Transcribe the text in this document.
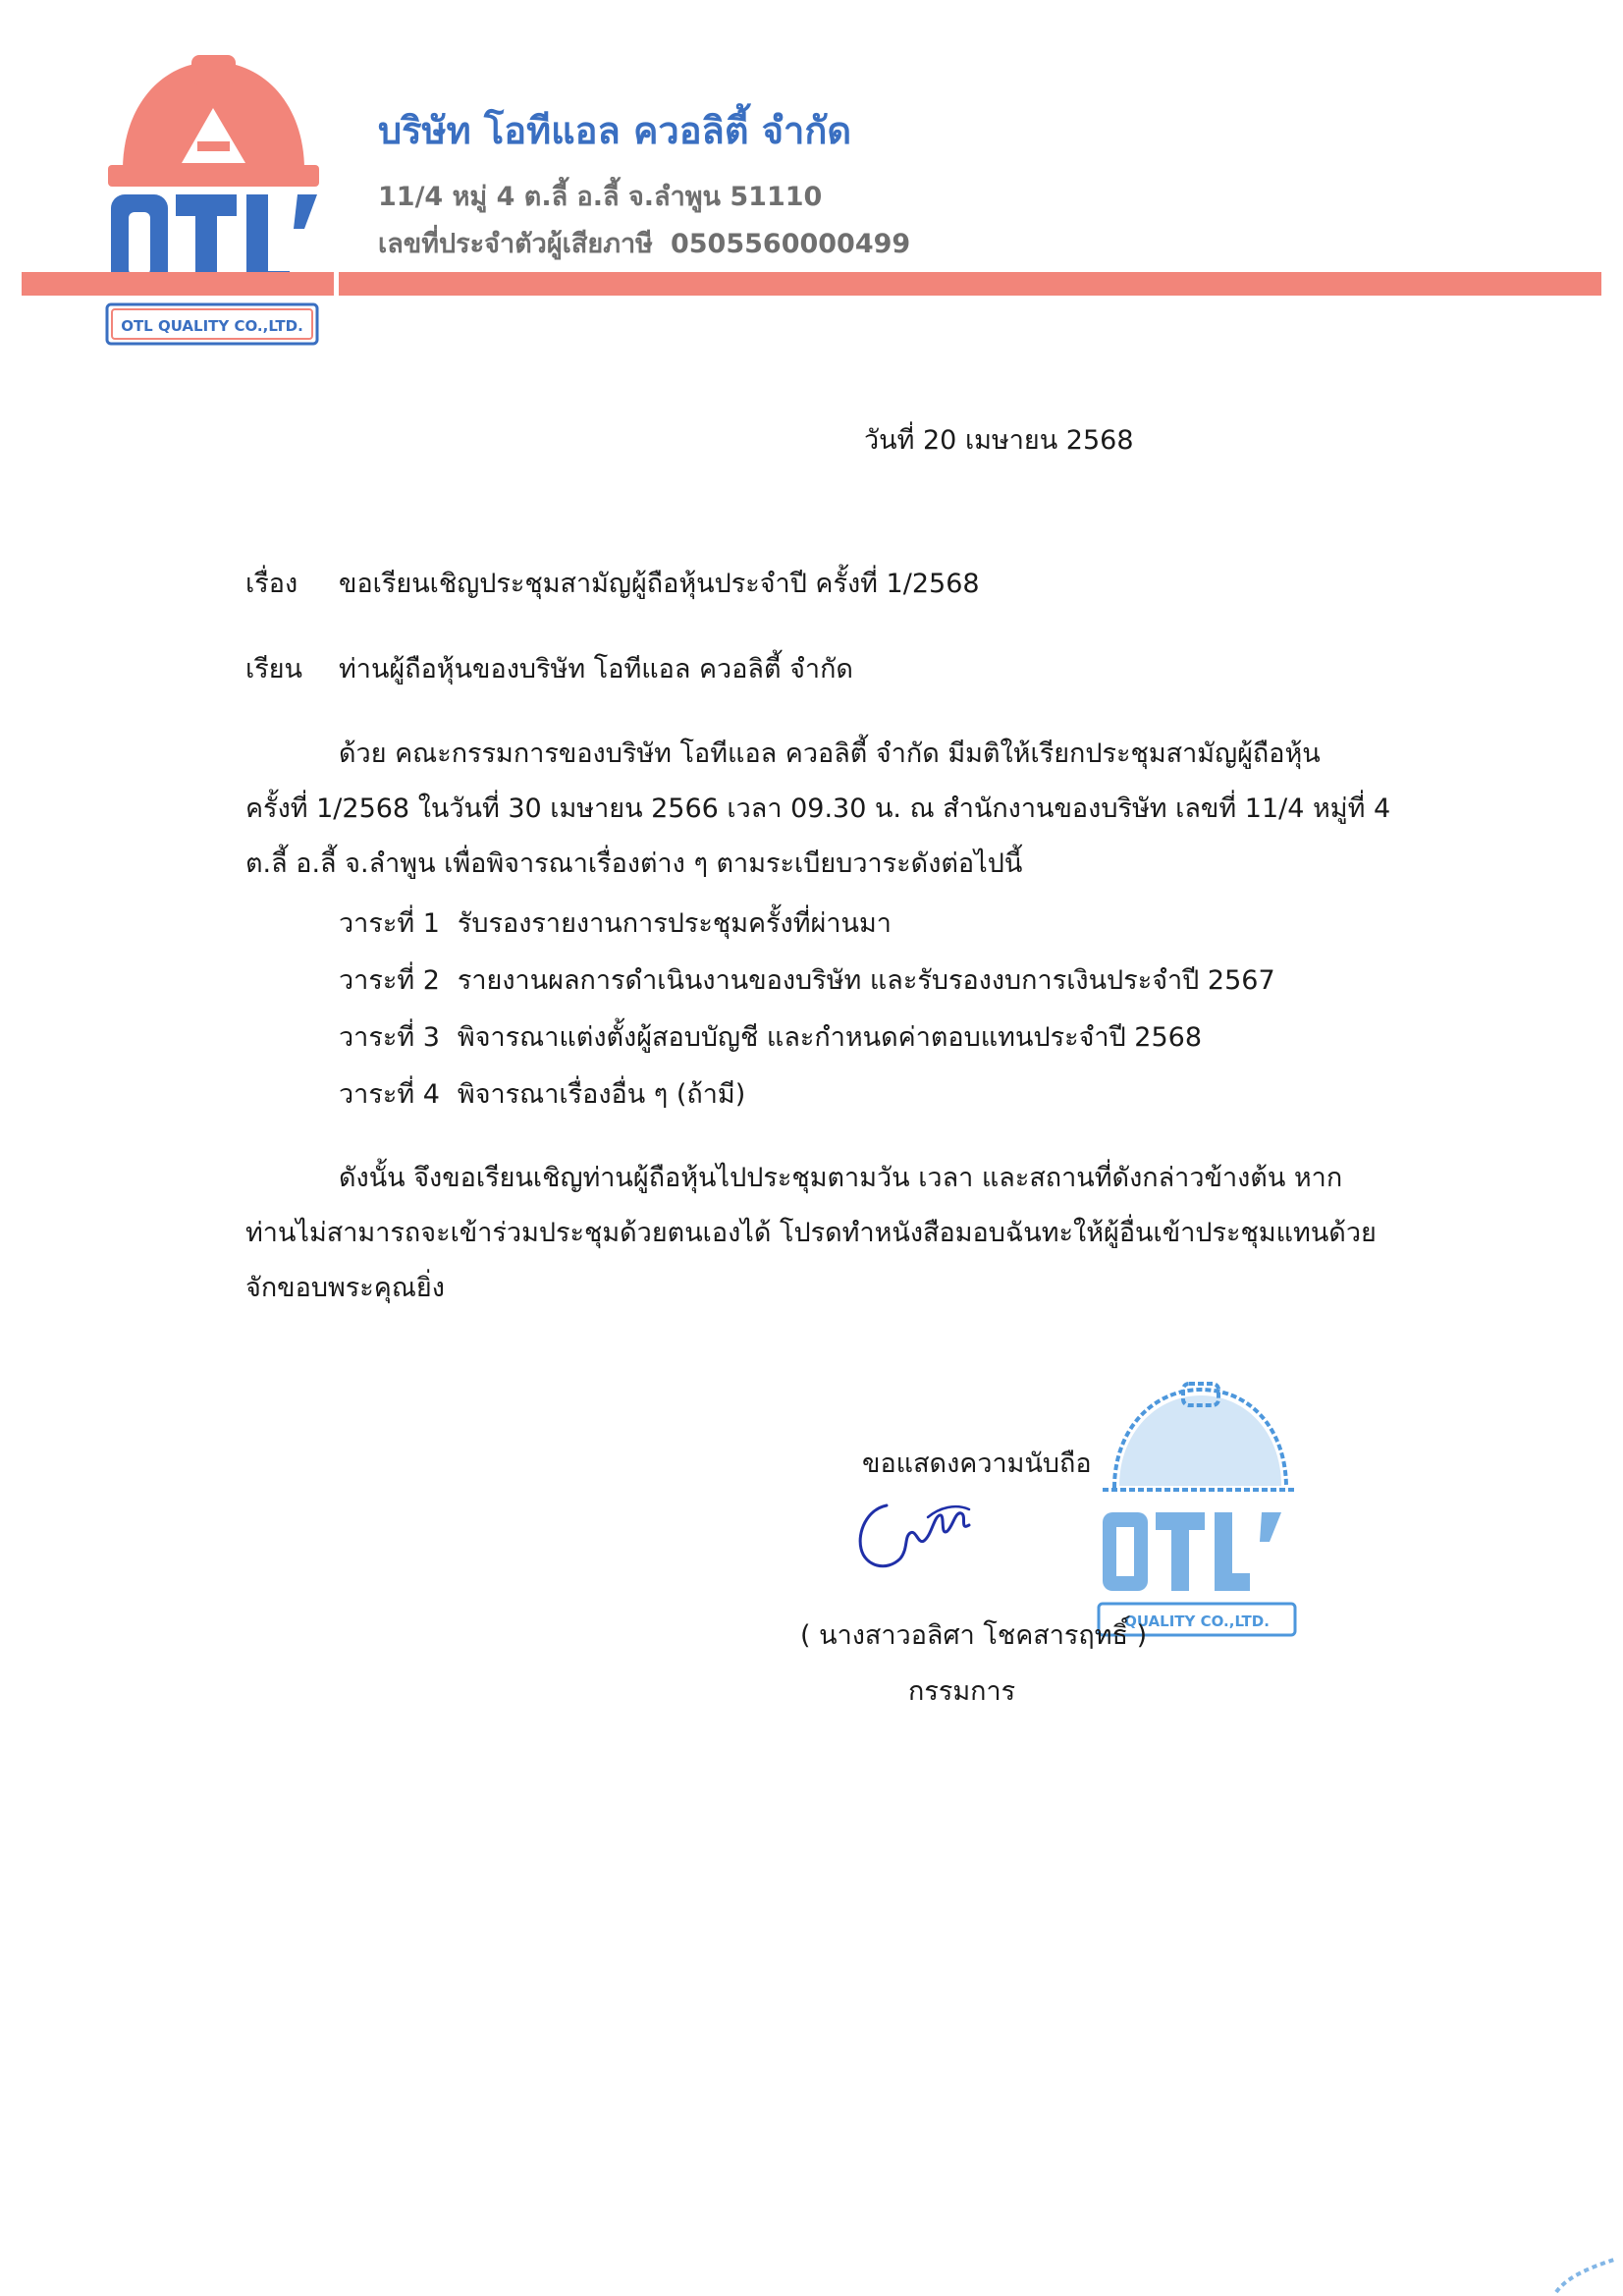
OTL QUALITY CO.,LTD.
บริษัท โอทีแอล ควอลิตี้ จำกัด
11/4 หมู่ 4 ต.ลี้ อ.ลี้ จ.ลำพูน 51110
เลขที่ประจำตัวผู้เสียภาษี 0505560000499
วันที่ 20 เมษายน 2568
เรื่อง ขอเรียนเชิญประชุมสามัญผู้ถือหุ้นประจำปี ครั้งที่ 1/2568
เรียน ท่านผู้ถือหุ้นของบริษัท โอทีแอล ควอลิตี้ จำกัด
ด้วย คณะกรรมการของบริษัท โอทีแอล ควอลิตี้ จำกัด มีมติให้เรียกประชุมสามัญผู้ถือหุ้น
ครั้งที่ 1/2568 ในวันที่ 30 เมษายน 2566 เวลา 09.30 น. ณ สำนักงานของบริษัท เลขที่ 11/4 หมู่ที่ 4
ต.ลี้ อ.ลี้ จ.ลำพูน เพื่อพิจารณาเรื่องต่าง ๆ ตามระเบียบวาระดังต่อไปนี้
วาระที่ 1 รับรองรายงานการประชุมครั้งที่ผ่านมา
วาระที่ 2 รายงานผลการดำเนินงานของบริษัท และรับรองงบการเงินประจำปี 2567
วาระที่ 3 พิจารณาแต่งตั้งผู้สอบบัญชี และกำหนดค่าตอบแทนประจำปี 2568
วาระที่ 4 พิจารณาเรื่องอื่น ๆ (ถ้ามี)
ดังนั้น จึงขอเรียนเชิญท่านผู้ถือหุ้นไปประชุมตามวัน เวลา และสถานที่ดังกล่าวข้างต้น หาก
ท่านไม่สามารถจะเข้าร่วมประชุมด้วยตนเองได้ โปรดทำหนังสือมอบฉันทะให้ผู้อื่นเข้าประชุมแทนด้วย
จักขอบพระคุณยิ่ง
ขอแสดงความนับถือ
QUALITY CO.,LTD.
( นางสาวอลิศา โชคสารฤทธิ์ )
กรรมการ
